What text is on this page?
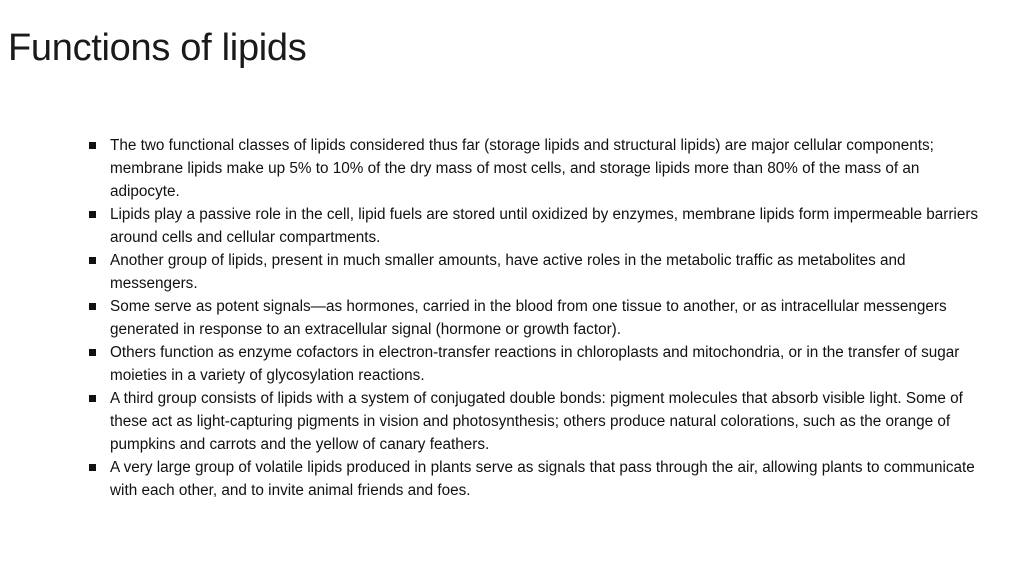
Functions of lipids
The two functional classes of lipids considered thus far (storage lipids and structural lipids) are major cellular components; membrane lipids make up 5% to 10% of the dry mass of most cells, and storage lipids more than 80% of the mass of an adipocyte.
Lipids play a passive role in the cell, lipid fuels are stored until oxidized by enzymes, membrane lipids form impermeable barriers around cells and cellular compartments.
Another group of lipids, present in much smaller amounts, have active roles in the metabolic traffic as metabolites and messengers.
Some serve as potent signals—as hormones, carried in the blood from one tissue to another, or as intracellular messengers generated in response to an extracellular signal (hormone or growth factor).
Others function as enzyme cofactors in electron-transfer reactions in chloroplasts and mitochondria, or in the transfer of sugar moieties in a variety of glycosylation reactions.
A third group consists of lipids with a system of conjugated double bonds: pigment molecules that absorb visible light. Some of these act as light-capturing pigments in vision and photosynthesis; others produce natural colorations, such as the orange of pumpkins and carrots and the yellow of canary feathers.
A very large group of volatile lipids produced in plants serve as signals that pass through the air, allowing plants to communicate with each other, and to invite animal friends and foes.
